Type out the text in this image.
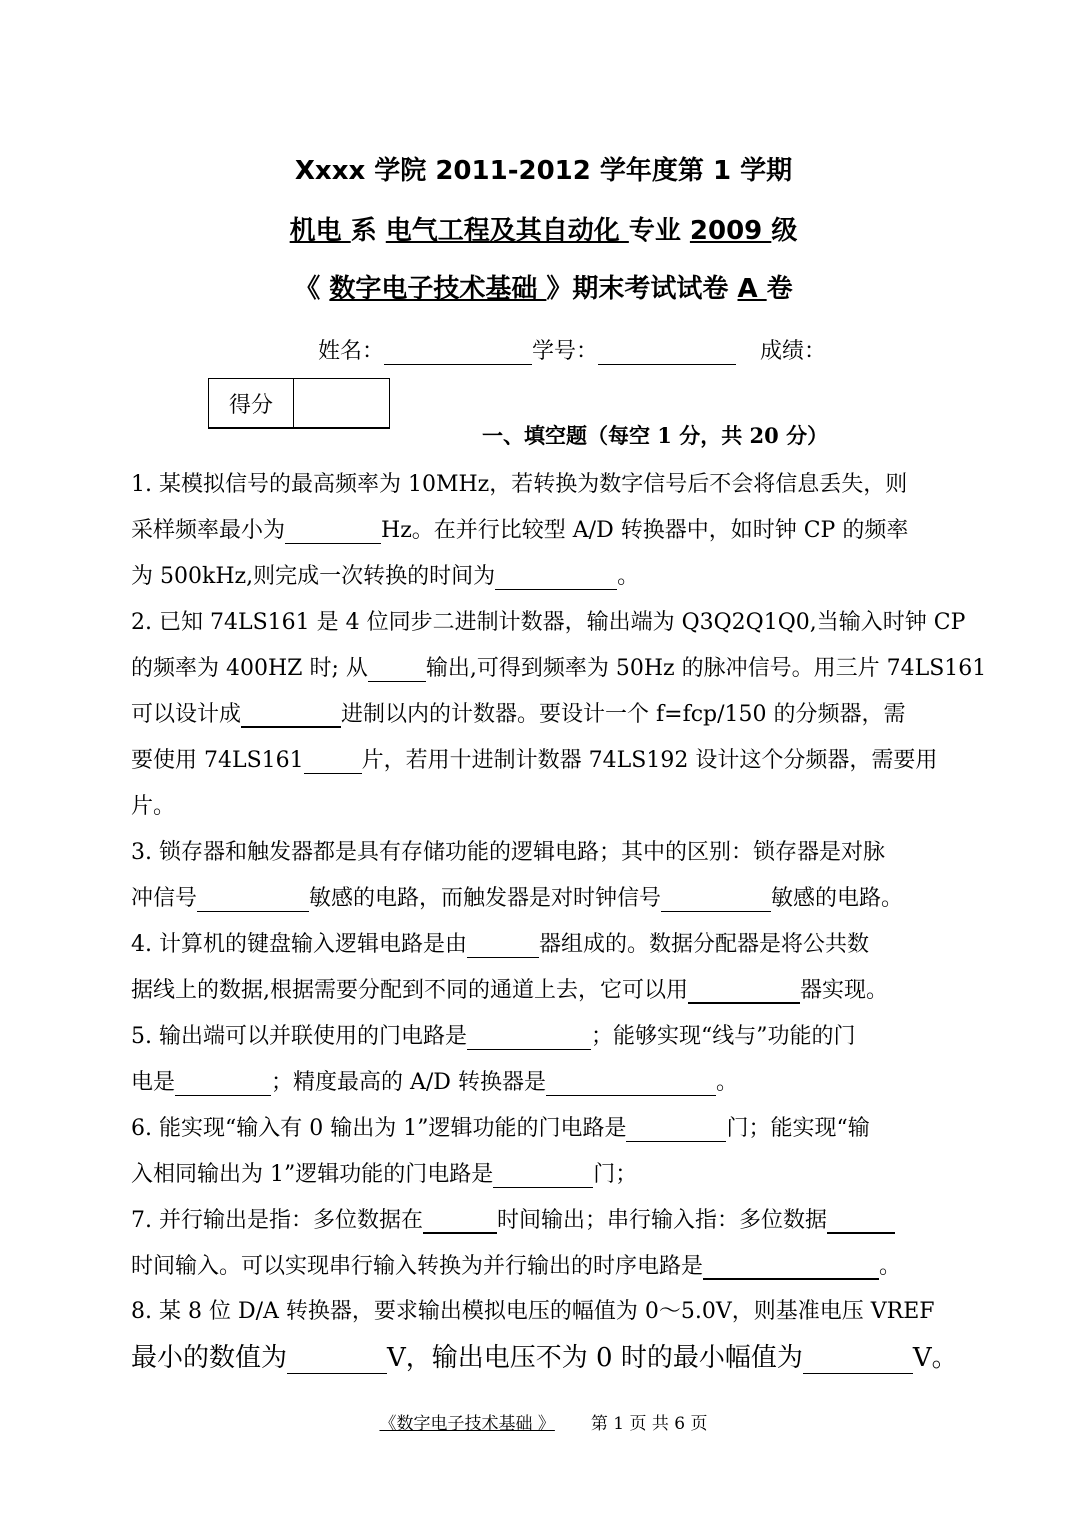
Xxxx 学院 2011-2012 学年度第 1 学期
机电 系 电气工程及其自动化 专业 2009 级
《 数字电子技术基础 》期末考试试卷 A 卷
姓名：	学号：	成绩：
得分
一、填空题（每空 1 分，共 20 分）
1. 某模拟信号的最高频率为 10MHz，若转换为数字信号后不会将信息丢失，则
采样频率最小为	Hz。在并行比较型 A/D 转换器中，如时钟 CP 的频率
为 500kHz,则完成一次转换的时间为	。
2. 已知 74LS161 是 4 位同步二进制计数器，输出端为 Q3Q2Q1Q0,当输入时钟 CP
的频率为 400HZ 时; 从	输出,可得到频率为 50Hz 的脉冲信号。用三片 74LS161
可以设计成	进制以内的计数器。要设计一个 f=fcp/150 的分频器，需
要使用 74LS161	片，若用十进制计数器 74LS192 设计这个分频器，需要用
片。
3. 锁存器和触发器都是具有存储功能的逻辑电路；其中的区别：锁存器是对脉
冲信号	敏感的电路，而触发器是对时钟信号	敏感的电路。
4. 计算机的键盘输入逻辑电路是由	器组成的。数据分配器是将公共数
据线上的数据,根据需要分配到不同的通道上去，它可以用	器实现。
5. 输出端可以并联使用的门电路是	；能够实现“线与”功能的门
电是	；精度最高的 A/D 转换器是	。
6. 能实现“输入有 0 输出为 1”逻辑功能的门电路是	门；能实现“输
入相同输出为 1”逻辑功能的门电路是	门；
7. 并行输出是指：多位数据在	时间输出；串行输入指：多位数据
时间输入。可以实现串行输入转换为并行输出的时序电路是	。
8. 某 8 位 D/A 转换器，要求输出模拟电压的幅值为 0～5.0V，则基准电压 VREF
最小的数值为	V，输出电压不为 0 时的最小幅值为	V。
《数字电子技术基础 》 第 1 页 共 6 页
